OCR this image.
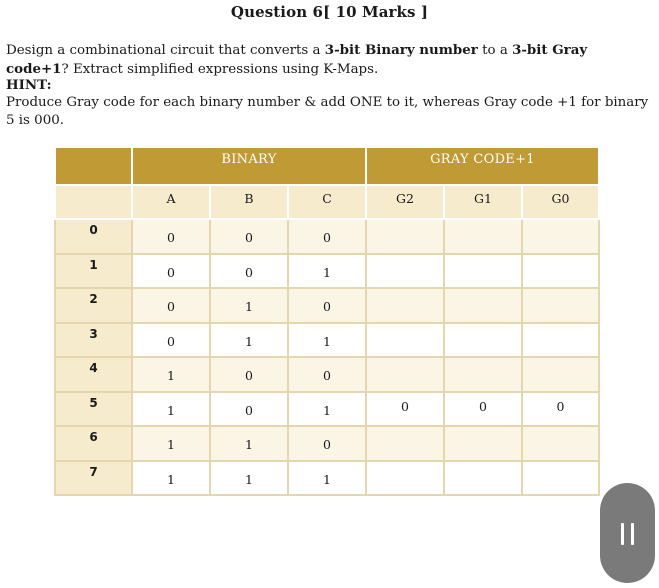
Question 6[ 10 Marks ]
Design a combinational circuit that converts a 3-bit Binary number to a 3-bit Gray code+1? Extract simplified expressions using K-Maps.
HINT:
Produce Gray code for each binary number & add ONE to it, whereas Gray code +1 for binary 5 is 000.
	BINARY			GRAY CODE+1		
	A	B	C	G2	G1	G0
0	0	0	0			
1	0	0	1			
2	0	1	0			
3	0	1	1			
4	1	0	0			
5	1	0	1	0	0	0
6	1	1	0			
7	1	1	1			
